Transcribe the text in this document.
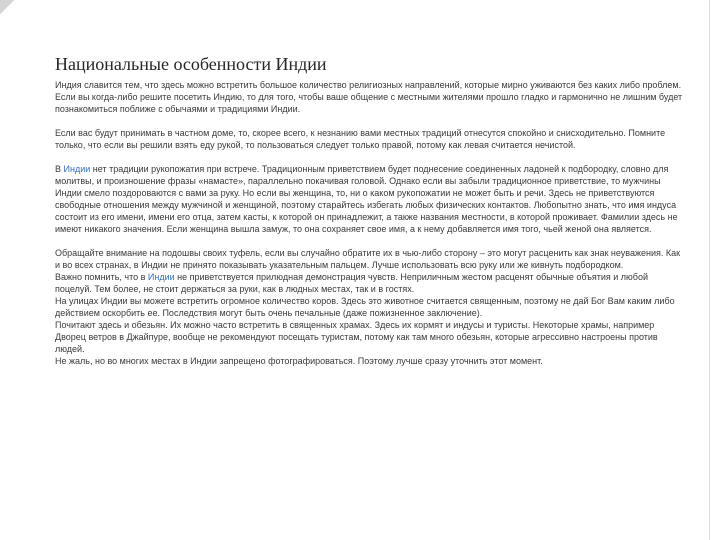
Национальные особенности Индии

Индия славится тем, что здесь можно встретить большое количество религиозных направлений, которые мирно уживаются без каких либо проблем.

Если вы когда-либо решите посетить Индию, то для того, чтобы ваше общение с местными жителями прошло гладко и гармонично не лишним будет познакомиться поближе с обычаями и традициями Индии.

Если вас будут принимать в частном доме, то, скорее всего, к незнанию вами местных традиций отнесутся спокойно и снисходительно. Помните только, что если вы решили взять еду рукой, то пользоваться следует только правой, потому как левая считается нечистой.

В Индии нет традиции рукопожатия при встрече. Традиционным приветствием будет поднесение соединенных ладоней к подбородку, словно для молитвы, и произношение фразы «намасте», параллельно покачивая головой. Однако если вы забыли традиционное приветствие, то мужчины Индии смело поздороваются с вами за руку. Но если вы женщина, то, ни о каком рукопожатии не может быть и речи. Здесь не приветствуются свободные отношения между мужчиной и женщиной, поэтому старайтесь избегать любых физических контактов. Любопытно знать, что имя индуса состоит из его имени, имени его отца, затем касты, к которой он принадлежит, а также названия местности, в которой проживает. Фамилии здесь не имеют никакого значения. Если женщина вышла замуж, то она сохраняет свое имя, а к нему добавляется имя того, чьей женой она является.

Обращайте внимание на подошвы своих туфель, если вы случайно обратите их в чью-либо сторону – это могут расценить как знак неуважения. Как и во всех странах, в Индии не принято показывать указательным пальцем. Лучше использовать всю руку или же кивнуть подбородком.

Важно помнить, что в Индии не приветствуется прилюдная демонстрация чувств. Неприличным жестом расценят обычные объятия и любой поцелуй. Тем более, не стоит держаться за руки, как в людных местах, так и в гостях.

На улицах Индии вы можете встретить огромное количество коров. Здесь это животное считается священным, поэтому не дай Бог Вам каким либо действием оскорбить ее. Последствия могут быть очень печальные (даже пожизненное заключение).

Почитают здесь и обезьян. Их можно часто встретить в священных храмах. Здесь их кормят и индусы и туристы. Некоторые храмы, например Дворец ветров в Джайпуре, вообще не рекомендуют посещать туристам, потому как там много обезьян, которые агрессивно настроены против людей.

Не жаль, но во многих местах в Индии запрещено фотографироваться. Поэтому лучше сразу уточнить этот момент.
